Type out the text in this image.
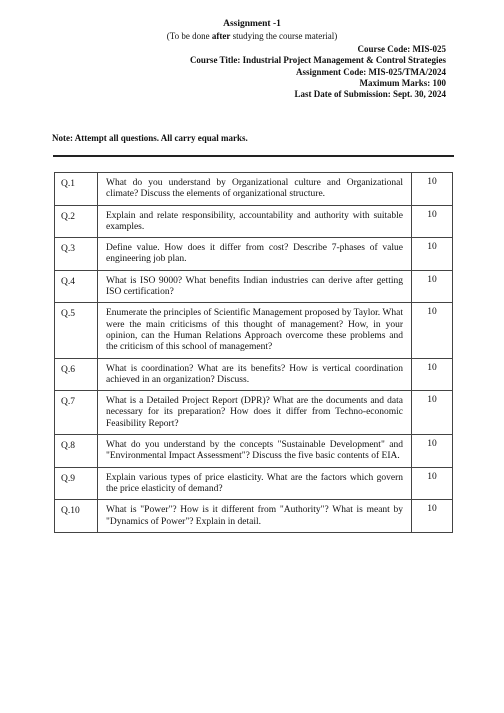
Assignment -1
(To be done after studying the course material)
Course Code: MIS-025
Course Title: Industrial Project Management & Control Strategies
Assignment Code: MIS-025/TMA/2024
Maximum Marks: 100
Last Date of Submission: Sept. 30, 2024
Note: Attempt all questions. All carry equal marks.
Q.1	What do you understand by Organizational culture and Organizational climate? Discuss the elements of organizational structure.	10
Q.2	Explain and relate responsibility, accountability and authority with suitable examples.	10
Q.3	Define value. How does it differ from cost? Describe 7-phases of value engineering job plan.	10
Q.4	What is ISO 9000? What benefits Indian industries can derive after getting ISO certification?	10
Q.5	Enumerate the principles of Scientific Management proposed by Taylor. What were the main criticisms of this thought of management? How, in your opinion, can the Human Relations Approach overcome these problems and the criticism of this school of management?	10
Q.6	What is coordination? What are its benefits? How is vertical coordination achieved in an organization? Discuss.	10
Q.7	What is a Detailed Project Report (DPR)? What are the documents and data necessary for its preparation? How does it differ from Techno-economic Feasibility Report?	10
Q.8	What do you understand by the concepts "Sustainable Development" and "Environmental Impact Assessment"? Discuss the five basic contents of EIA.	10
Q.9	Explain various types of price elasticity. What are the factors which govern the price elasticity of demand?	10
Q.10	What is "Power"? How is it different from "Authority"? What is meant by "Dynamics of Power"? Explain in detail.	10
